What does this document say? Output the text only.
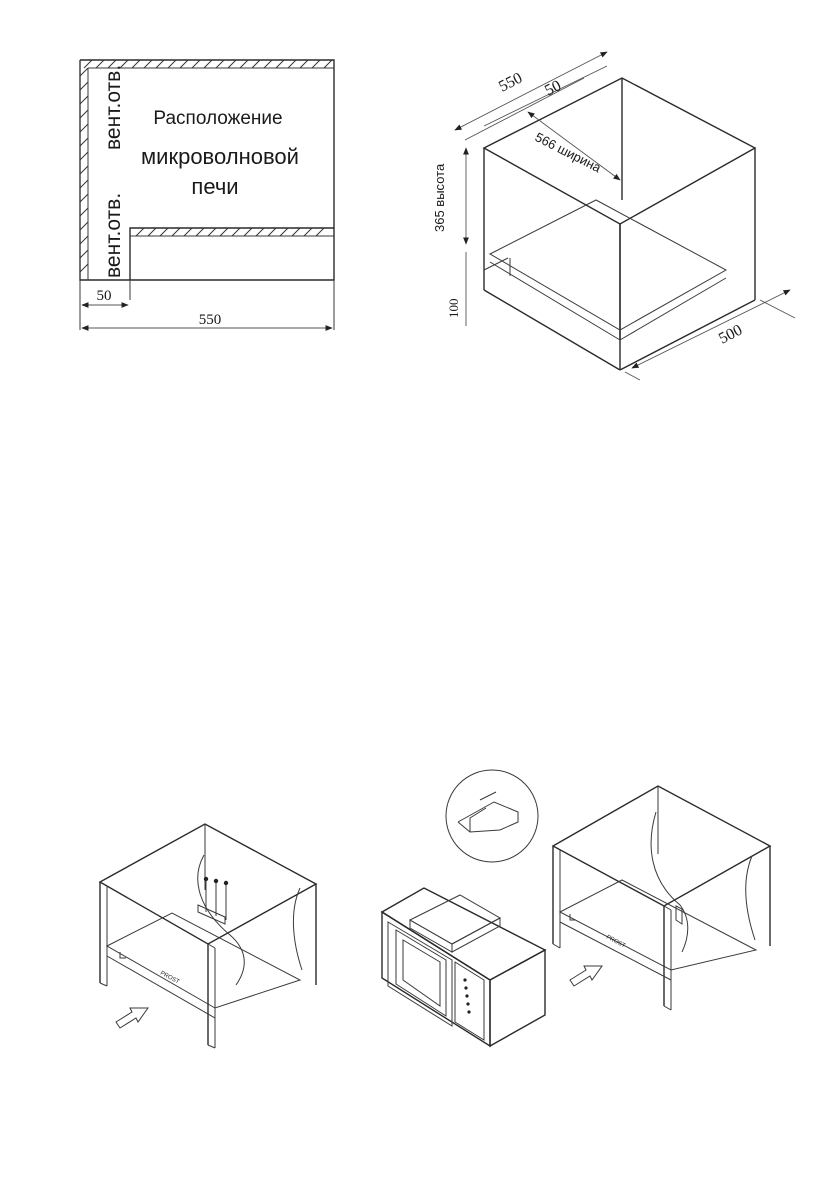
вент.отв.
вент.отв.
Расположение
микроволновой
печи
50
550
550 50
566 ширина
365 высота
100
500
PROST
PROST
